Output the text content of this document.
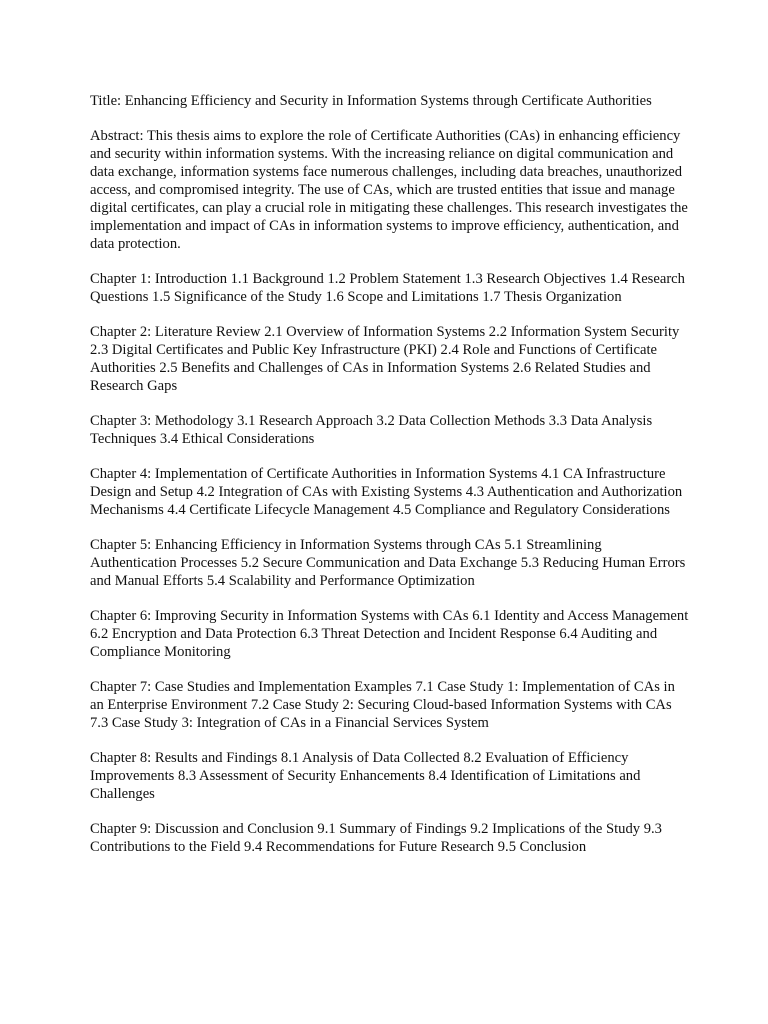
Title: Enhancing Efficiency and Security in Information Systems through Certificate Authorities

Abstract: This thesis aims to explore the role of Certificate Authorities (CAs) in enhancing efficiency and security within information systems. With the increasing reliance on digital communication and data exchange, information systems face numerous challenges, including data breaches, unauthorized access, and compromised integrity. The use of CAs, which are trusted entities that issue and manage digital certificates, can play a crucial role in mitigating these challenges. This research investigates the implementation and impact of CAs in information systems to improve efficiency, authentication, and data protection.

Chapter 1: Introduction 1.1 Background 1.2 Problem Statement 1.3 Research Objectives 1.4 Research Questions 1.5 Significance of the Study 1.6 Scope and Limitations 1.7 Thesis Organization

Chapter 2: Literature Review 2.1 Overview of Information Systems 2.2 Information System Security 2.3 Digital Certificates and Public Key Infrastructure (PKI) 2.4 Role and Functions of Certificate Authorities 2.5 Benefits and Challenges of CAs in Information Systems 2.6 Related Studies and Research Gaps

Chapter 3: Methodology 3.1 Research Approach 3.2 Data Collection Methods 3.3 Data Analysis Techniques 3.4 Ethical Considerations

Chapter 4: Implementation of Certificate Authorities in Information Systems 4.1 CA Infrastructure Design and Setup 4.2 Integration of CAs with Existing Systems 4.3 Authentication and Authorization Mechanisms 4.4 Certificate Lifecycle Management 4.5 Compliance and Regulatory Considerations

Chapter 5: Enhancing Efficiency in Information Systems through CAs 5.1 Streamlining Authentication Processes 5.2 Secure Communication and Data Exchange 5.3 Reducing Human Errors and Manual Efforts 5.4 Scalability and Performance Optimization

Chapter 6: Improving Security in Information Systems with CAs 6.1 Identity and Access Management 6.2 Encryption and Data Protection 6.3 Threat Detection and Incident Response 6.4 Auditing and Compliance Monitoring

Chapter 7: Case Studies and Implementation Examples 7.1 Case Study 1: Implementation of CAs in an Enterprise Environment 7.2 Case Study 2: Securing Cloud-based Information Systems with CAs 7.3 Case Study 3: Integration of CAs in a Financial Services System

Chapter 8: Results and Findings 8.1 Analysis of Data Collected 8.2 Evaluation of Efficiency Improvements 8.3 Assessment of Security Enhancements 8.4 Identification of Limitations and Challenges

Chapter 9: Discussion and Conclusion 9.1 Summary of Findings 9.2 Implications of the Study 9.3 Contributions to the Field 9.4 Recommendations for Future Research 9.5 Conclusion
